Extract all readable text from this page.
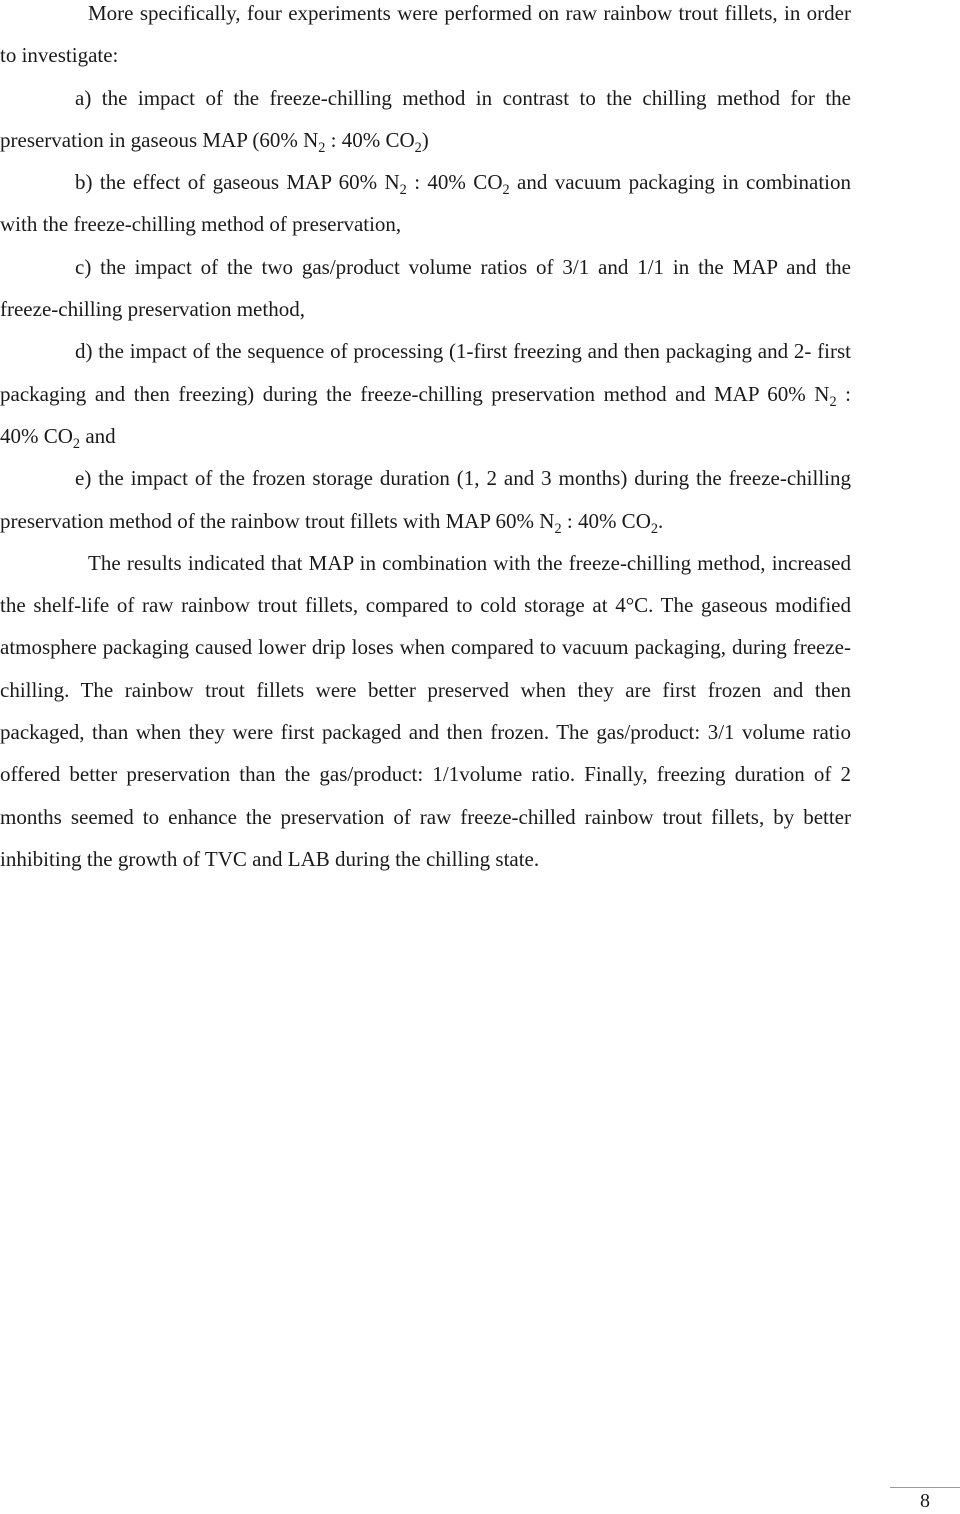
More specifically, four experiments were performed on raw rainbow trout fillets, in order to investigate:

a) the impact of the freeze-chilling method in contrast to the chilling method for the preservation in gaseous MAP (60% $N_2$ : 40% $CO_2$)

b) the effect of gaseous MAP 60% $N_2$ : 40% $CO_2$ and vacuum packaging in combination with the freeze-chilling method of preservation,

c) the impact of the two gas/product volume ratios of 3/1 and 1/1 in the MAP and the freeze-chilling preservation method,

d) the impact of the sequence of processing (1-first freezing and then packaging and 2- first packaging and then freezing) during the freeze-chilling preservation method and MAP 60% $N_2$ : 40% $CO_2$ and

e) the impact of the frozen storage duration (1, 2 and 3 months) during the freeze-chilling preservation method of the rainbow trout fillets with MAP 60% $N_2$ : 40% $CO_2$.

The results indicated that MAP in combination with the freeze-chilling method, increased the shelf-life of raw rainbow trout fillets, compared to cold storage at 4°C. The gaseous modified atmosphere packaging caused lower drip loses when compared to vacuum packaging, during freeze-chilling. The rainbow trout fillets were better preserved when they are first frozen and then packaged, than when they were first packaged and then frozen. The gas/product: 3/1 volume ratio offered better preservation than the gas/product: 1/1volume ratio. Finally, freezing duration of 2 months seemed to enhance the preservation of raw freeze-chilled rainbow trout fillets, by better inhibiting the growth of TVC and LAB during the chilling state.

8
